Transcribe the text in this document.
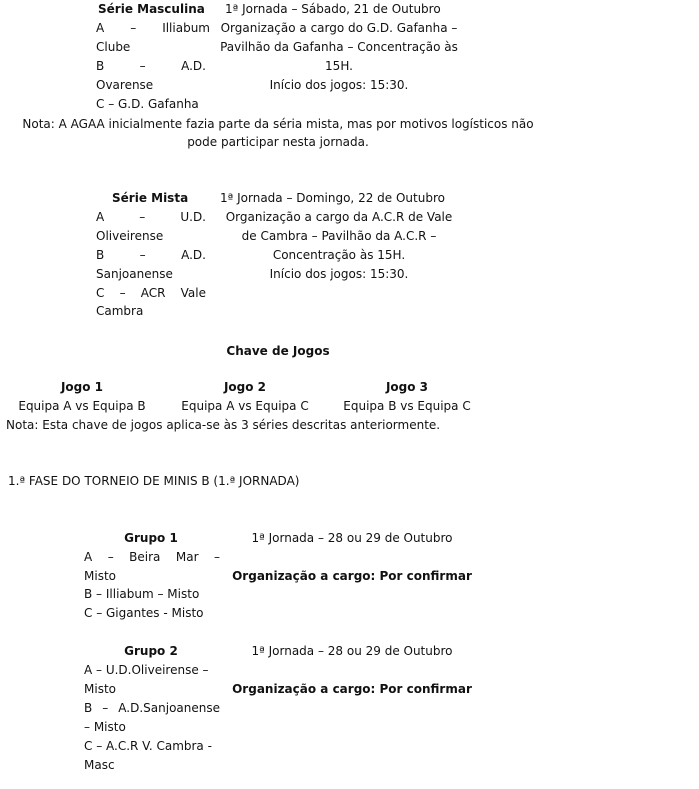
Série Masculina 1ª Jornada – Sábado, 21 de Outubro
A – Illiabum
Clube
B	–	A.D.
Ovarense
C – G.D. Gafanha
Organização a cargo do G.D. Gafanha –
Pavilhão da Gafanha – Concentração às
15H.
Início dos jogos: 15:30.
Nota: A AGAA inicialmente fazia parte da séria mista, mas por motivos logísticos não
pode participar nesta jornada.
Série Mista	1ª Jornada – Domingo, 22 de Outubro
A	–	U.D.
Oliveirense
B	–	A.D.
Sanjoanense
C – ACR Vale
Cambra
Organização a cargo da A.C.R de Vale
de Cambra – Pavilhão da A.C.R –
Concentração às 15H.
Início dos jogos: 15:30.
Chave de Jogos
Jogo 1	Jogo 2	Jogo 3
Equipa A vs Equipa B	Equipa A vs Equipa C	Equipa B vs Equipa C
Nota: Esta chave de jogos aplica-se às 3 séries descritas anteriormente.
1.ª FASE DO TORNEIO DE MINIS B (1.ª JORNADA)
Grupo 1	1ª Jornada – 28 ou 29 de Outubro
A – Beira Mar –
Misto	Organização a cargo: Por confirmar
B – Illiabum – Misto
C – Gigantes - Misto
Grupo 2	1ª Jornada – 28 ou 29 de Outubro
A – U.D.Oliveirense –
Misto	Organização a cargo: Por confirmar
B – A.D.Sanjoanense
– Misto
C – A.C.R V. Cambra -
Masc
